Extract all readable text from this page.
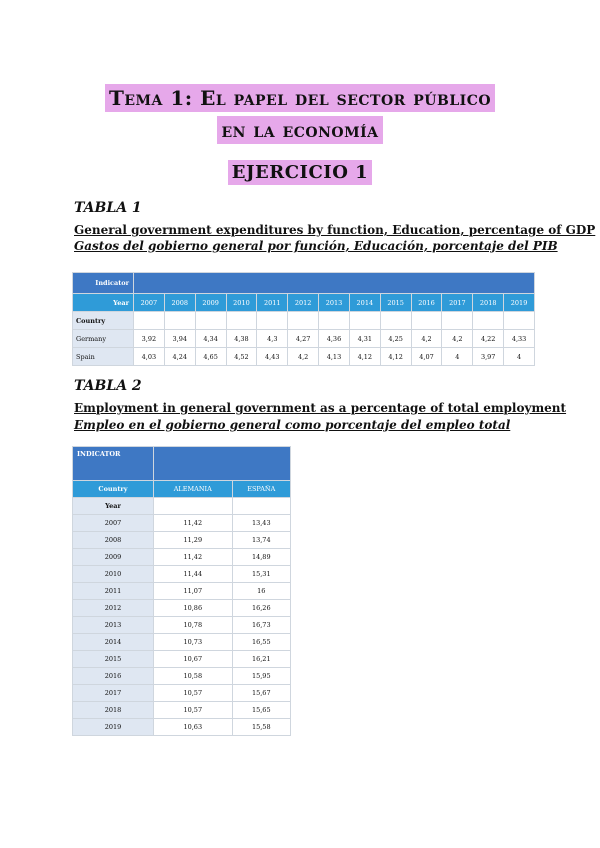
Tema 1: El papel del sector público
en la economía
EJERCICIO 1
TABLA 1
General government expenditures by function, Education, percentage of GDP
Gastos del gobierno general por función, Educación, porcentaje del PIB
Indicator													
Year	2007	2008	2009	2010	2011	2012	2013	2014	2015	2016	2017	2018	2019
Country													
Germany	3,92	3,94	4,34	4,38	4,3	4,27	4,36	4,31	4,25	4,2	4,2	4,22	4,33
Spain	4,03	4,24	4,65	4,52	4,43	4,2	4,13	4,12	4,12	4,07	4	3,97	4
TABLA 2
Employment in general government as a percentage of total employment
Empleo en el gobierno general como porcentaje del empleo total
INDICATOR		
Country	ALEMANIA	ESPAÑA
Year		
2007	11,42	13,43
2008	11,29	13,74
2009	11,42	14,89
2010	11,44	15,31
2011	11,07	16
2012	10,86	16,26
2013	10,78	16,73
2014	10,73	16,55
2015	10,67	16,21
2016	10,58	15,95
2017	10,57	15,67
2018	10,57	15,65
2019	10,63	15,58
